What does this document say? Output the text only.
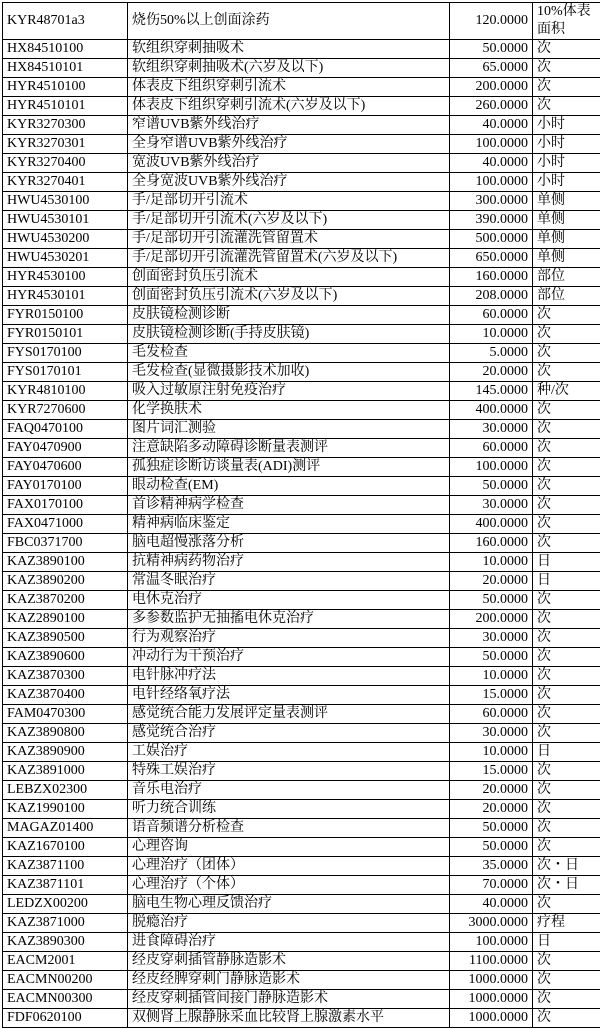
KYR48701a3	烧伤50%以上创面涂药	120.0000	10%体表面积
HX84510100	软组织穿刺抽吸术	50.0000	次
HX84510101	软组织穿刺抽吸术(六岁及以下)	65.0000	次
HYR4510100	体表皮下组织穿刺引流术	200.0000	次
HYR4510101	体表皮下组织穿刺引流术(六岁及以下)	260.0000	次
KYR3270300	窄谱UVB紫外线治疗	40.0000	小时
KYR3270301	全身窄谱UVB紫外线治疗	100.0000	小时
KYR3270400	宽波UVB紫外线治疗	40.0000	小时
KYR3270401	全身宽波UVB紫外线治疗	100.0000	小时
HWU4530100	手/足部切开引流术	300.0000	单侧
HWU4530101	手/足部切开引流术(六岁及以下)	390.0000	单侧
HWU4530200	手/足部切开引流灌洗管留置术	500.0000	单侧
HWU4530201	手/足部切开引流灌洗管留置术(六岁及以下)	650.0000	单侧
HYR4530100	创面密封负压引流术	160.0000	部位
HYR4530101	创面密封负压引流术(六岁及以下)	208.0000	部位
FYR0150100	皮肤镜检测诊断	60.0000	次
FYR0150101	皮肤镜检测诊断(手持皮肤镜)	10.0000	次
FYS0170100	毛发检查	5.0000	次
FYS0170101	毛发检查(显微摄影技术加收)	20.0000	次
KYR4810100	吸入过敏原注射免疫治疗	145.0000	种/次
KYR7270600	化学换肤术	400.0000	次
FAQ0470100	图片词汇测验	30.0000	次
FAY0470900	注意缺陷多动障碍诊断量表测评	60.0000	次
FAY0470600	孤独症诊断访谈量表(ADI)测评	100.0000	次
FAY0170100	眼动检查(EM)	50.0000	次
FAX0170100	首诊精神病学检查	30.0000	次
FAX0471000	精神病临床鉴定	400.0000	次
FBC0371700	脑电超慢涨落分析	160.0000	次
KAZ3890100	抗精神病药物治疗	10.0000	日
KAZ3890200	常温冬眠治疗	20.0000	日
KAZ3870200	电休克治疗	50.0000	次
KAZ2890100	多参数监护无抽搐电休克治疗	200.0000	次
KAZ3890500	行为观察治疗	30.0000	次
KAZ3890600	冲动行为干预治疗	50.0000	次
KAZ3870300	电针脉冲疗法	10.0000	次
KAZ3870400	电针经络氧疗法	15.0000	次
FAM0470300	感觉统合能力发展评定量表测评	60.0000	次
KAZ3890800	感觉统合治疗	30.0000	次
KAZ3890900	工娱治疗	10.0000	日
KAZ3891000	特殊工娱治疗	15.0000	次
LEBZX02300	音乐电治疗	20.0000	次
KAZ1990100	听力统合训练	20.0000	次
MAGAZ01400	语音频谱分析检查	50.0000	次
KAZ1670100	心理咨询	50.0000	次
KAZ3871100	心理治疗（团体）	35.0000	次・日
KAZ3871101	心理治疗（个体）	70.0000	次・日
LEDZX00200	脑电生物心理反馈治疗	40.0000	次
KAZ3871000	脱瘾治疗	3000.0000	疗程
KAZ3890300	进食障碍治疗	100.0000	日
EACM2001	经皮穿刺插管静脉造影术	1100.0000	次
EACMN00200	经皮经脾穿刺门静脉造影术	1000.0000	次
EACMN00300	经皮穿刺插管间接门静脉造影术	1000.0000	次
FDF0620100	双侧肾上腺静脉采血比较肾上腺激素水平	1000.0000	次
